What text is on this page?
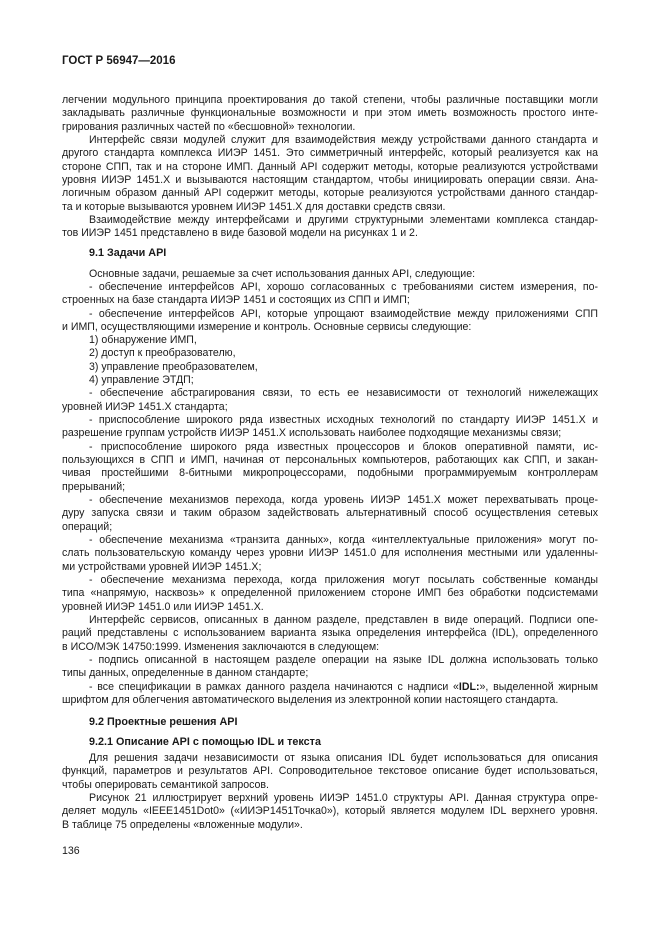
ГОСТ Р 56947—2016
легчении модульного принципа проектирования до такой степени, чтобы различные поставщики могли
закладывать различные функциональные возможности и при этом иметь возможность простого инте-
грирования различных частей по «бесшовной» технологии.
Интерфейс связи модулей служит для взаимодействия между устройствами данного стандарта и
другого стандарта комплекса ИИЭР 1451. Это симметричный интерфейс, который реализуется как на
стороне СПП, так и на стороне ИМП. Данный API содержит методы, которые реализуются устройствами
уровня ИИЭР 1451.Х и вызываются настоящим стандартом, чтобы инициировать операции связи. Ана-
логичным образом данный API содержит методы, которые реализуются устройствами данного стандар-
та и которые вызываются уровнем ИИЭР 1451.Х для доставки средств связи.
Взаимодействие между интерфейсами и другими структурными элементами комплекса стандар-
тов ИИЭР 1451 представлено в виде базовой модели на рисунках 1 и 2.
Основные задачи, решаемые за счет использования данных API, следующие:
- обеспечение интерфейсов API, хорошо согласованных с требованиями систем измерения, по-
строенных на базе стандарта ИИЭР 1451 и состоящих из СПП и ИМП;
- обеспечение интерфейсов API, которые упрощают взаимодействие между приложениями СПП
и ИМП, осуществляющими измерение и контроль. Основные сервисы следующие:
1) обнаружение ИМП,
2) доступ к преобразователю,
3) управление преобразователем,
4) управление ЭТДП;
- обеспечение абстрагирования связи, то есть ее независимости от технологий нижележащих
уровней ИИЭР 1451.Х стандарта;
- приспособление широкого ряда известных исходных технологий по стандарту ИИЭР 1451.Х и
разрешение группам устройств ИИЭР 1451.Х использовать наиболее подходящие механизмы связи;
- приспособление широкого ряда известных процессоров и блоков оперативной памяти, ис-
пользующихся в СПП и ИМП, начиная от персональных компьютеров, работающих как СПП, и закан-
чивая простейшими 8-битными микропроцессорами, подобными программируемым контроллерам
прерываний;
- обеспечение механизмов перехода, когда уровень ИИЭР 1451.Х может перехватывать проце-
дуру запуска связи и таким образом задействовать альтернативный способ осуществления сетевых
операций;
- обеспечение механизма «транзита данных», когда «интеллектуальные приложения» могут по-
слать пользовательскую команду через уровни ИИЭР 1451.0 для исполнения местными или удаленны-
ми устройствами уровней ИИЭР 1451.Х;
- обеспечение механизма перехода, когда приложения могут посылать собственные команды
типа «напрямую, насквозь» к определенной приложением стороне ИМП без обработки подсистемами
уровней ИИЭР 1451.0 или ИИЭР 1451.Х.
Интерфейс сервисов, описанных в данном разделе, представлен в виде операций. Подписи опе-
раций представлены с использованием варианта языка определения интерфейса (IDL), определенного
в ИСО/МЭК 14750:1999. Изменения заключаются в следующем:
- подпись описанной в настоящем разделе операции на языке IDL должна использовать только
типы данных, определенные в данном стандарте;
шрифтом для облегчения автоматического выделения из электронной копии настоящего стандарта.
Для решения задачи независимости от языка описания IDL будет использоваться для описания
функций, параметров и результатов API. Сопроводительное текстовое описание будет использоваться,
чтобы оперировать семантикой запросов.
Рисунок 21 иллюстрирует верхний уровень ИИЭР 1451.0 структуры API. Данная структура опре-
деляет модуль «IEEE1451Dot0» («ИИЭР1451Точка0»), который является модулем IDL верхнего уровня.
В таблице 75 определены «вложенные модули».
9.1 Задачи API
9.2 Проектные решения API
9.2.1 Описание API с помощью IDL и текста
- все спецификации в рамках данного раздела начинаются с надписи «IDL:», выделенной жирным
136
